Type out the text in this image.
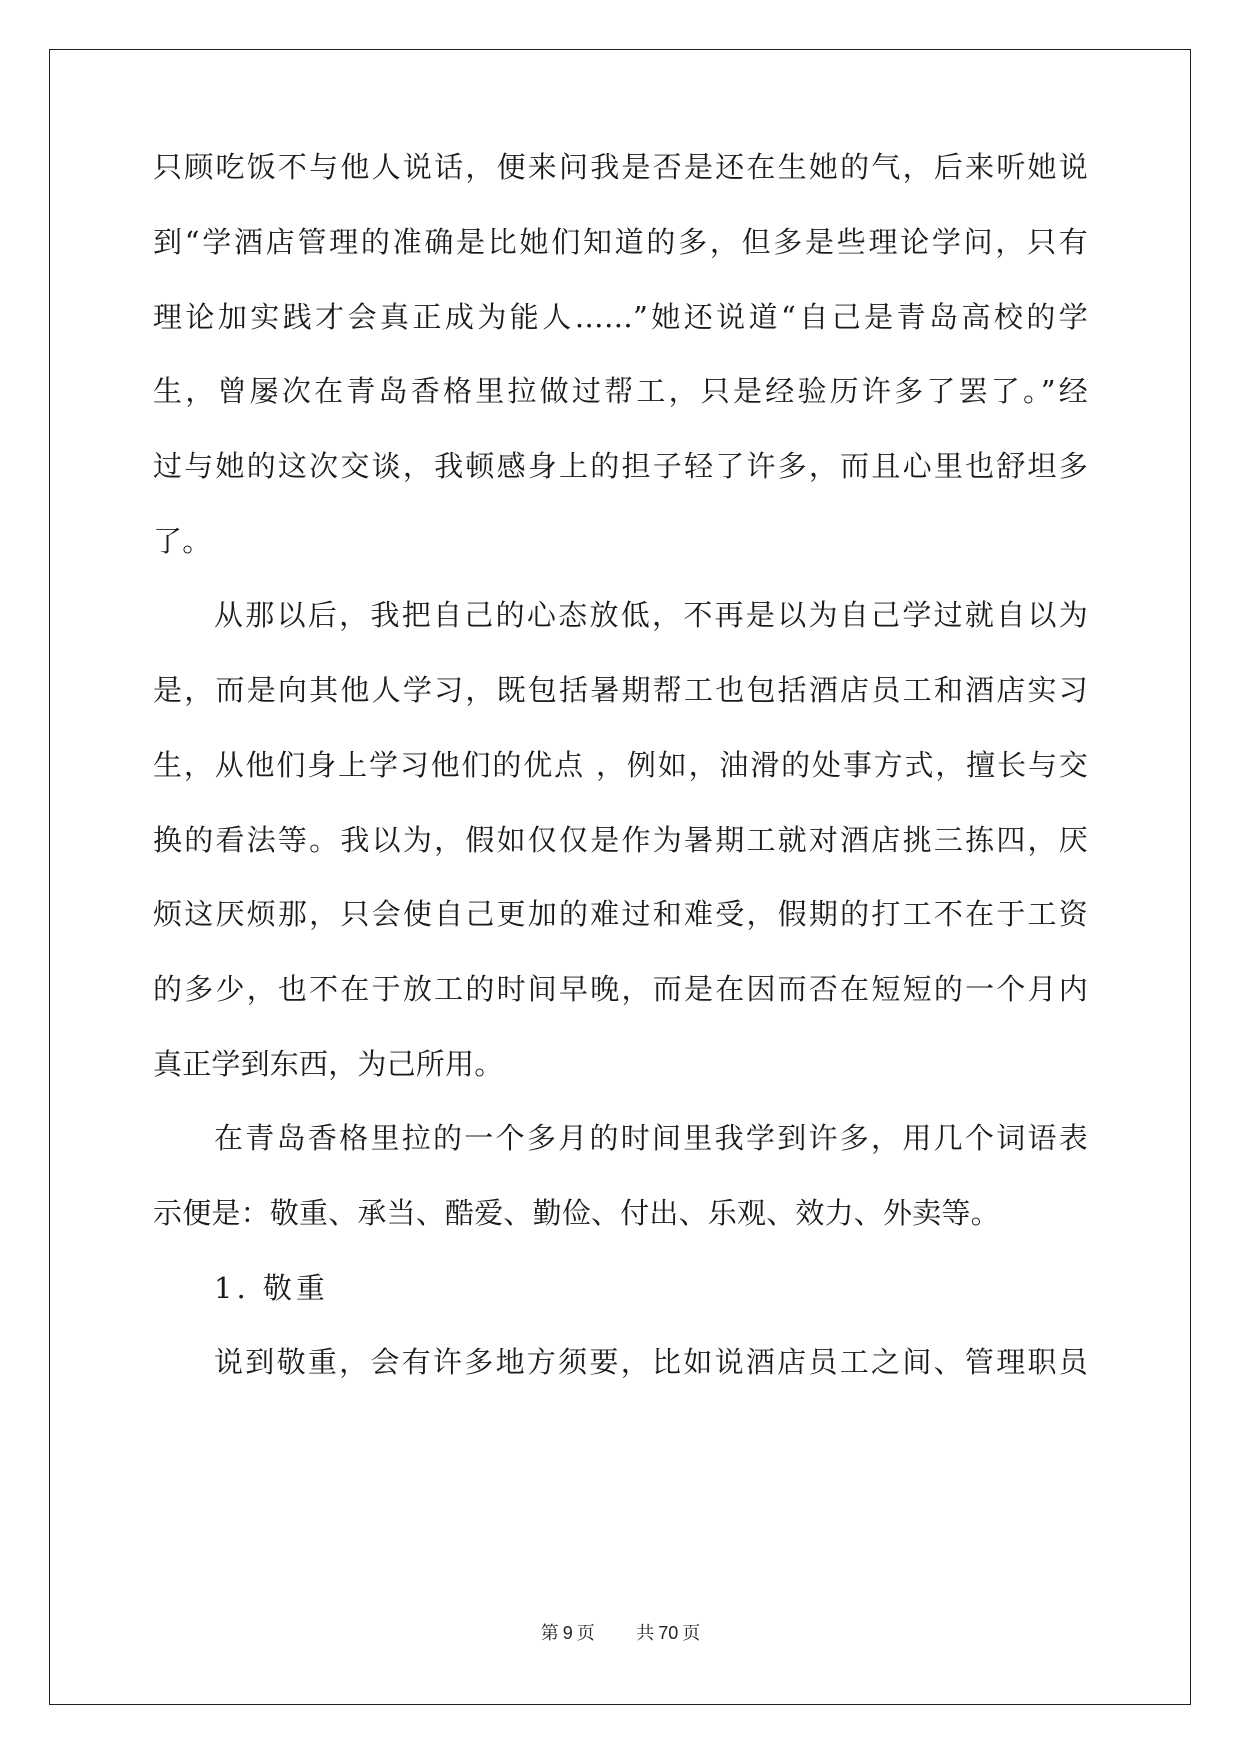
只顾吃饭不与他人说话，便来问我是否是还在生她的气，后来听她说
到“学酒店管理的准确是比她们知道的多，但多是些理论学问，只有
理论加实践才会真正成为能人……”她还说道“自己是青岛高校的学
生，曾屡次在青岛香格里拉做过帮工，只是经验历许多了罢了。”经
过与她的这次交谈，我顿感身上的担子轻了许多，而且心里也舒坦多
了。
从那以后，我把自己的心态放低，不再是以为自己学过就自以为
是，而是向其他人学习，既包括暑期帮工也包括酒店员工和酒店实习
生，从他们身上学习他们的优点 ，例如，油滑的处事方式，擅长与交
换的看法等。我以为，假如仅仅是作为暑期工就对酒店挑三拣四，厌
烦这厌烦那，只会使自己更加的难过和难受，假期的打工不在于工资
的多少，也不在于放工的时间早晚，而是在因而否在短短的一个月内
真正学到东西，为己所用。
在青岛香格里拉的一个多月的时间里我学到许多，用几个词语表
示便是：敬重、承当、酷爱、勤俭、付出、乐观、效力、外卖等。
1. 敬重
说到敬重，会有许多地方须要，比如说酒店员工之间、管理职员
第 9 页 共 70 页
